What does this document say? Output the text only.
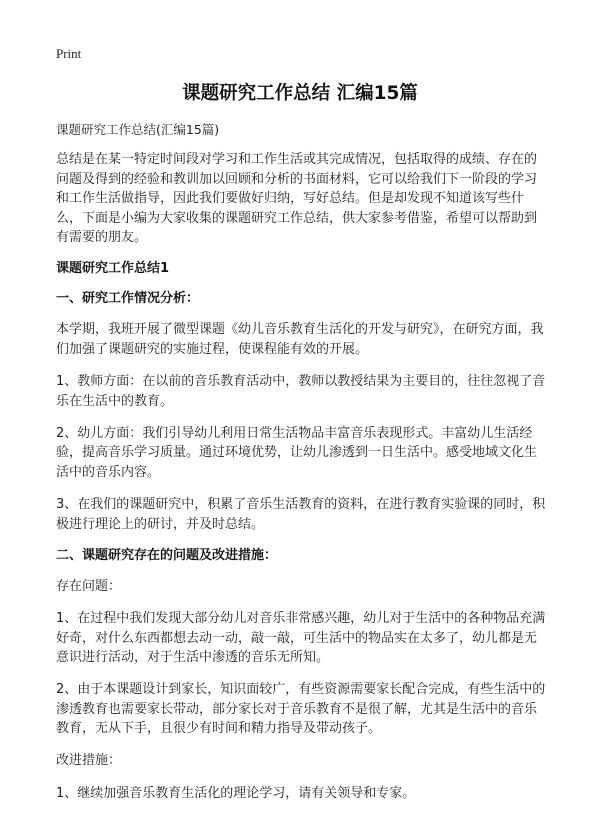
Print
课题研究工作总结 汇编15篇

课题研究工作总结(汇编15篇)

总结是在某一特定时间段对学习和工作生活或其完成情况，包括取得的成绩、存在的问题及得到的经验和教训加以回顾和分析的书面材料，它可以给我们下一阶段的学习和工作生活做指导，因此我们要做好归纳，写好总结。但是却发现不知道该写些什么，下面是小编为大家收集的课题研究工作总结，供大家参考借鉴，希望可以帮助到有需要的朋友。

课题研究工作总结1

一、研究工作情况分析：

本学期，我班开展了微型课题《幼儿音乐教育生活化的开发与研究》，在研究方面，我们加强了课题研究的实施过程，使课程能有效的开展。

1、教师方面：在以前的音乐教育活动中，教师以教授结果为主要目的，往往忽视了音乐在生活中的教育。

2、幼儿方面：我们引导幼儿利用日常生活物品丰富音乐表现形式。丰富幼儿生活经验，提高音乐学习质量。通过环境优势，让幼儿渗透到一日生活中。感受地域文化生活中的音乐内容。

3、在我们的课题研究中，积累了音乐生活教育的资料，在进行教育实验课的同时，积极进行理论上的研讨，并及时总结。

二、课题研究存在的问题及改进措施：

存在问题：

1、在过程中我们发现大部分幼儿对音乐非常感兴趣，幼儿对于生活中的各种物品充满好奇，对什么东西都想去动一动，敲一敲，可生活中的物品实在太多了，幼儿都是无意识进行活动，对于生活中渗透的音乐无所知。

2、由于本课题设计到家长，知识面较广，有些资源需要家长配合完成，有些生活中的渗透教育也需要家长带动，部分家长对于音乐教育不是很了解，尤其是生活中的音乐教育，无从下手，且很少有时间和精力指导及带动孩子。

改进措施：

1、继续加强音乐教育生活化的理论学习，请有关领导和专家。
